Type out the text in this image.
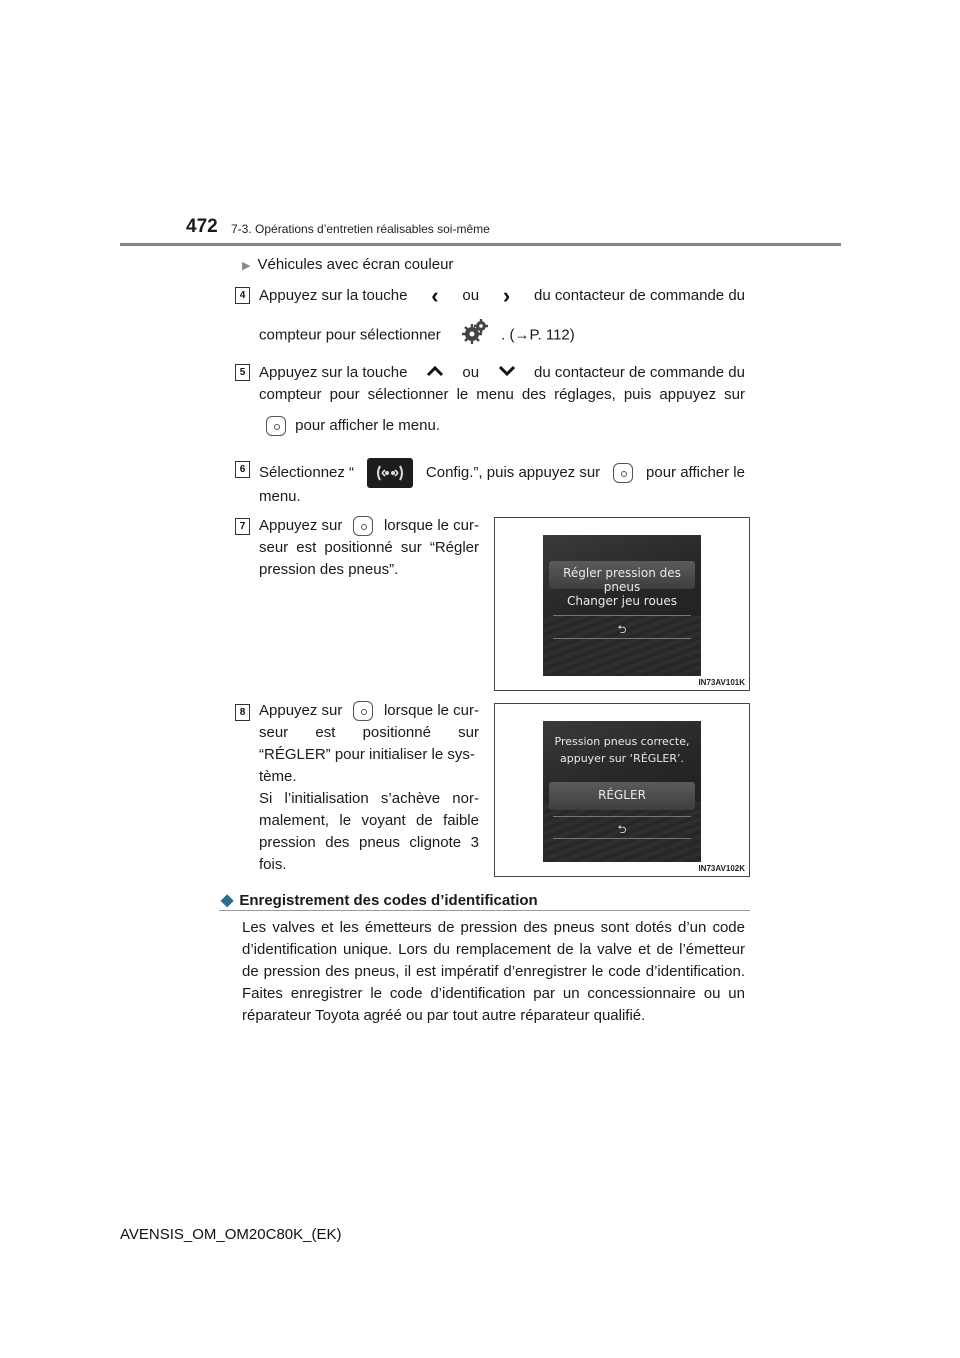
472 7-3. Opérations d’entretien réalisables soi-même
▶ Véhicules avec écran couleur
4 Appuyez sur la touche ‹ ou › du contacteur de commande du
compteur pour sélectionner	. (→P. 112)
5 Appuyez sur la touche	ou	du contacteur de commande du
compteur pour sélectionner le menu des réglages, puis appuyez sur
pour afficher le menu.
6 Sélectionnez “	Config.”, puis appuyez sur	pour afficher le
menu.
7 Appuyez sur	lorsque le cur-
seur est positionné sur “Régler
pression des pneus”.	Régler pression des pneus
Changer jeu roues
⮌
IN73AV101K
8 Appuyez sur	lorsque le cur-
seur est positionné sur
“RÉGLER” pour initialiser le sys-
tème.
Si l’initialisation s’achève nor-
malement, le voyant de faible
pression des pneus clignote 3
fois.
Pression pneus correcte,
appuyer sur ‘RÉGLER’.
RÉGLER
⮌
IN73AV102K
◆ Enregistrement des codes d’identification
Les valves et les émetteurs de pression des pneus sont dotés d’un code
d’identification unique. Lors du remplacement de la valve et de l’émetteur
de pression des pneus, il est impératif d’enregistrer le code d’identification.
Faites enregistrer le code d’identification par un concessionnaire ou un
réparateur Toyota agréé ou par tout autre réparateur qualifié.
AVENSIS_OM_OM20C80K_(EK)
